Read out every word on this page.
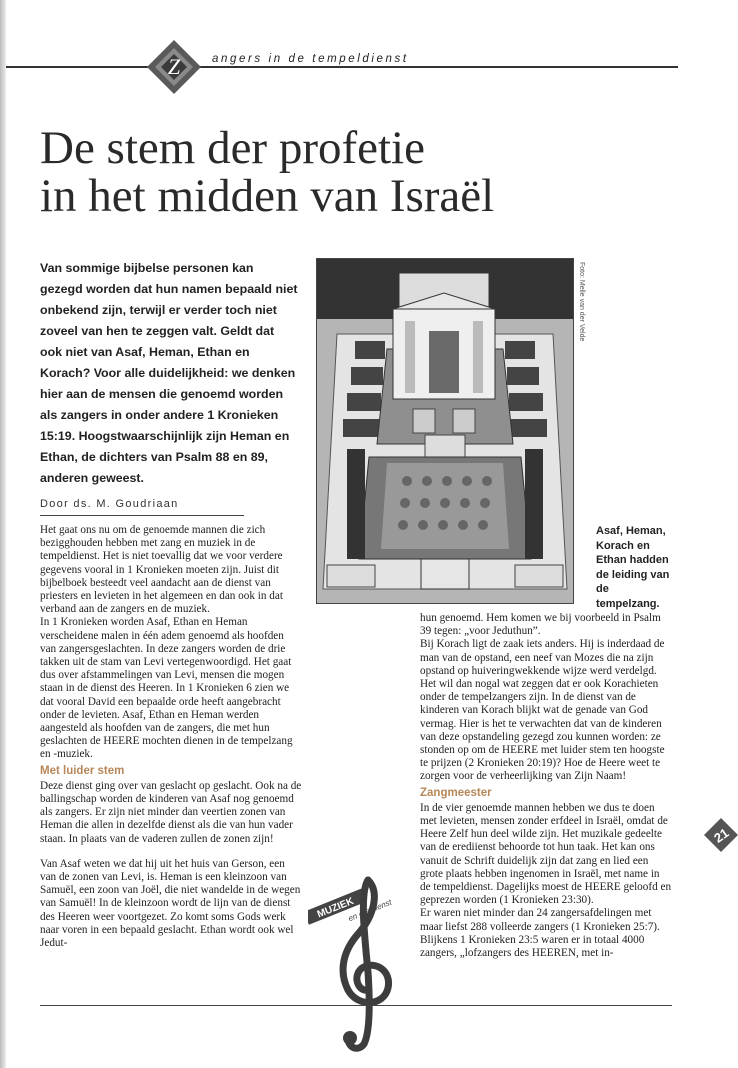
Z	angers in de tempeldienst
De stem der profetie
in het midden van Israël

Van sommige bijbelse personen kan gezegd worden dat hun namen bepaald niet onbekend zijn, terwijl er verder toch niet zoveel van hen te zeggen valt. Geldt dat ook niet van Asaf, Heman, Ethan en Korach? Voor alle duidelijkheid: we denken hier aan de mensen die genoemd worden als zangers in onder andere 1 Kronieken 15:19. Hoogstwaarschijnlijk zijn Heman en Ethan, de dichters van Psalm 88 en 89, anderen geweest.

Door ds. M. Goudriaan
Foto: Melle van der Velde

Asaf, Heman, Korach en Ethan hadden de leiding van de tempelzang.

Het gaat ons nu om de genoemde mannen die zich bezigghouden hebben met zang en muziek in de tempeldienst. Het is niet toevallig dat we voor verdere gegevens vooral in 1 Kronieken moeten zijn. Juist dit bijbelboek besteedt veel aandacht aan de dienst van priesters en levieten in het algemeen en dan ook in dat verband aan de zangers en de muziek.

In 1 Kronieken worden Asaf, Ethan en Heman verscheidene malen in één adem genoemd als hoofden van zangersgeslachten. In deze zangers worden de drie takken uit de stam van Levi vertegenwoordigd. Het gaat dus over afstammelingen van Levi, mensen die mogen staan in de dienst des Heeren. In 1 Kronieken 6 zien we dat vooral David een bepaalde orde heeft aangebracht onder de levieten. Asaf, Ethan en Heman werden aangesteld als hoofden van de zangers, die met hun geslachten de HEERE mochten dienen in de tempelzang en -muziek.

Met luider stem

Deze dienst ging over van geslacht op geslacht. Ook na de ballingschap worden de kinderen van Asaf nog genoemd als zangers. Er zijn niet minder dan veertien zonen van Heman die allen in dezelfde dienst als die van hun vader staan. In plaats van de vaderen zullen de zonen zijn!

Van Asaf weten we dat hij uit het huis van Gerson, een van de zonen van Levi, is. Heman is een kleinzoon van Samuël, een zoon van Joël, die niet wandelde in de wegen van Samuël! In de kleinzoon wordt de lijn van de dienst des Heeren weer voortgezet. Zo komt soms Gods werk naar voren in een bepaald geslacht. Ethan wordt ook wel Jedut-

hun genoemd. Hem komen we bij voorbeeld in Psalm 39 tegen: „voor Jeduthun”.

Bij Korach ligt de zaak iets anders. Hij is inderdaad de man van de opstand, een neef van Mozes die na zijn opstand op huiveringwekkende wijze werd verdelgd. Het wil dan nogal wat zeggen dat er ook Korachieten onder de tempelzangers zijn. In de dienst van de kinderen van Korach blijkt wat de genade van God vermag. Hier is het te verwachten dat van de kinderen van deze opstandeling gezegd zou kunnen worden: ze stonden op om de HEERE met luider stem ten hoogste te prijzen (2 Kronieken 20:19)? Hoe de Heere weet te zorgen voor de verheerlijking van Zijn Naam!

Zangmeester

In de vier genoemde mannen hebben we dus te doen met levieten, mensen zonder erfdeel in Israël, omdat de Heere Zelf hun deel wilde zijn. Het muzikale gedeelte van de erediienst behoorde tot hun taak. Het kan ons vanuit de Schrift duidelijk zijn dat zang en lied een grote plaats hebben ingenomen in Israël, met name in de tempeldienst. Dagelijks moest de HEERE geloofd en geprezen worden (1 Kronieken 23:30).

Er waren niet minder dan 24 zangersafdelingen met maar liefst 288 volleerde zangers (1 Kronieken 25:7). Blijkens 1 Kronieken 23:5 waren er in totaal 4000 zangers, „lofzangers des HEEREN, met in-

MUZIEK
en erediienst
21
